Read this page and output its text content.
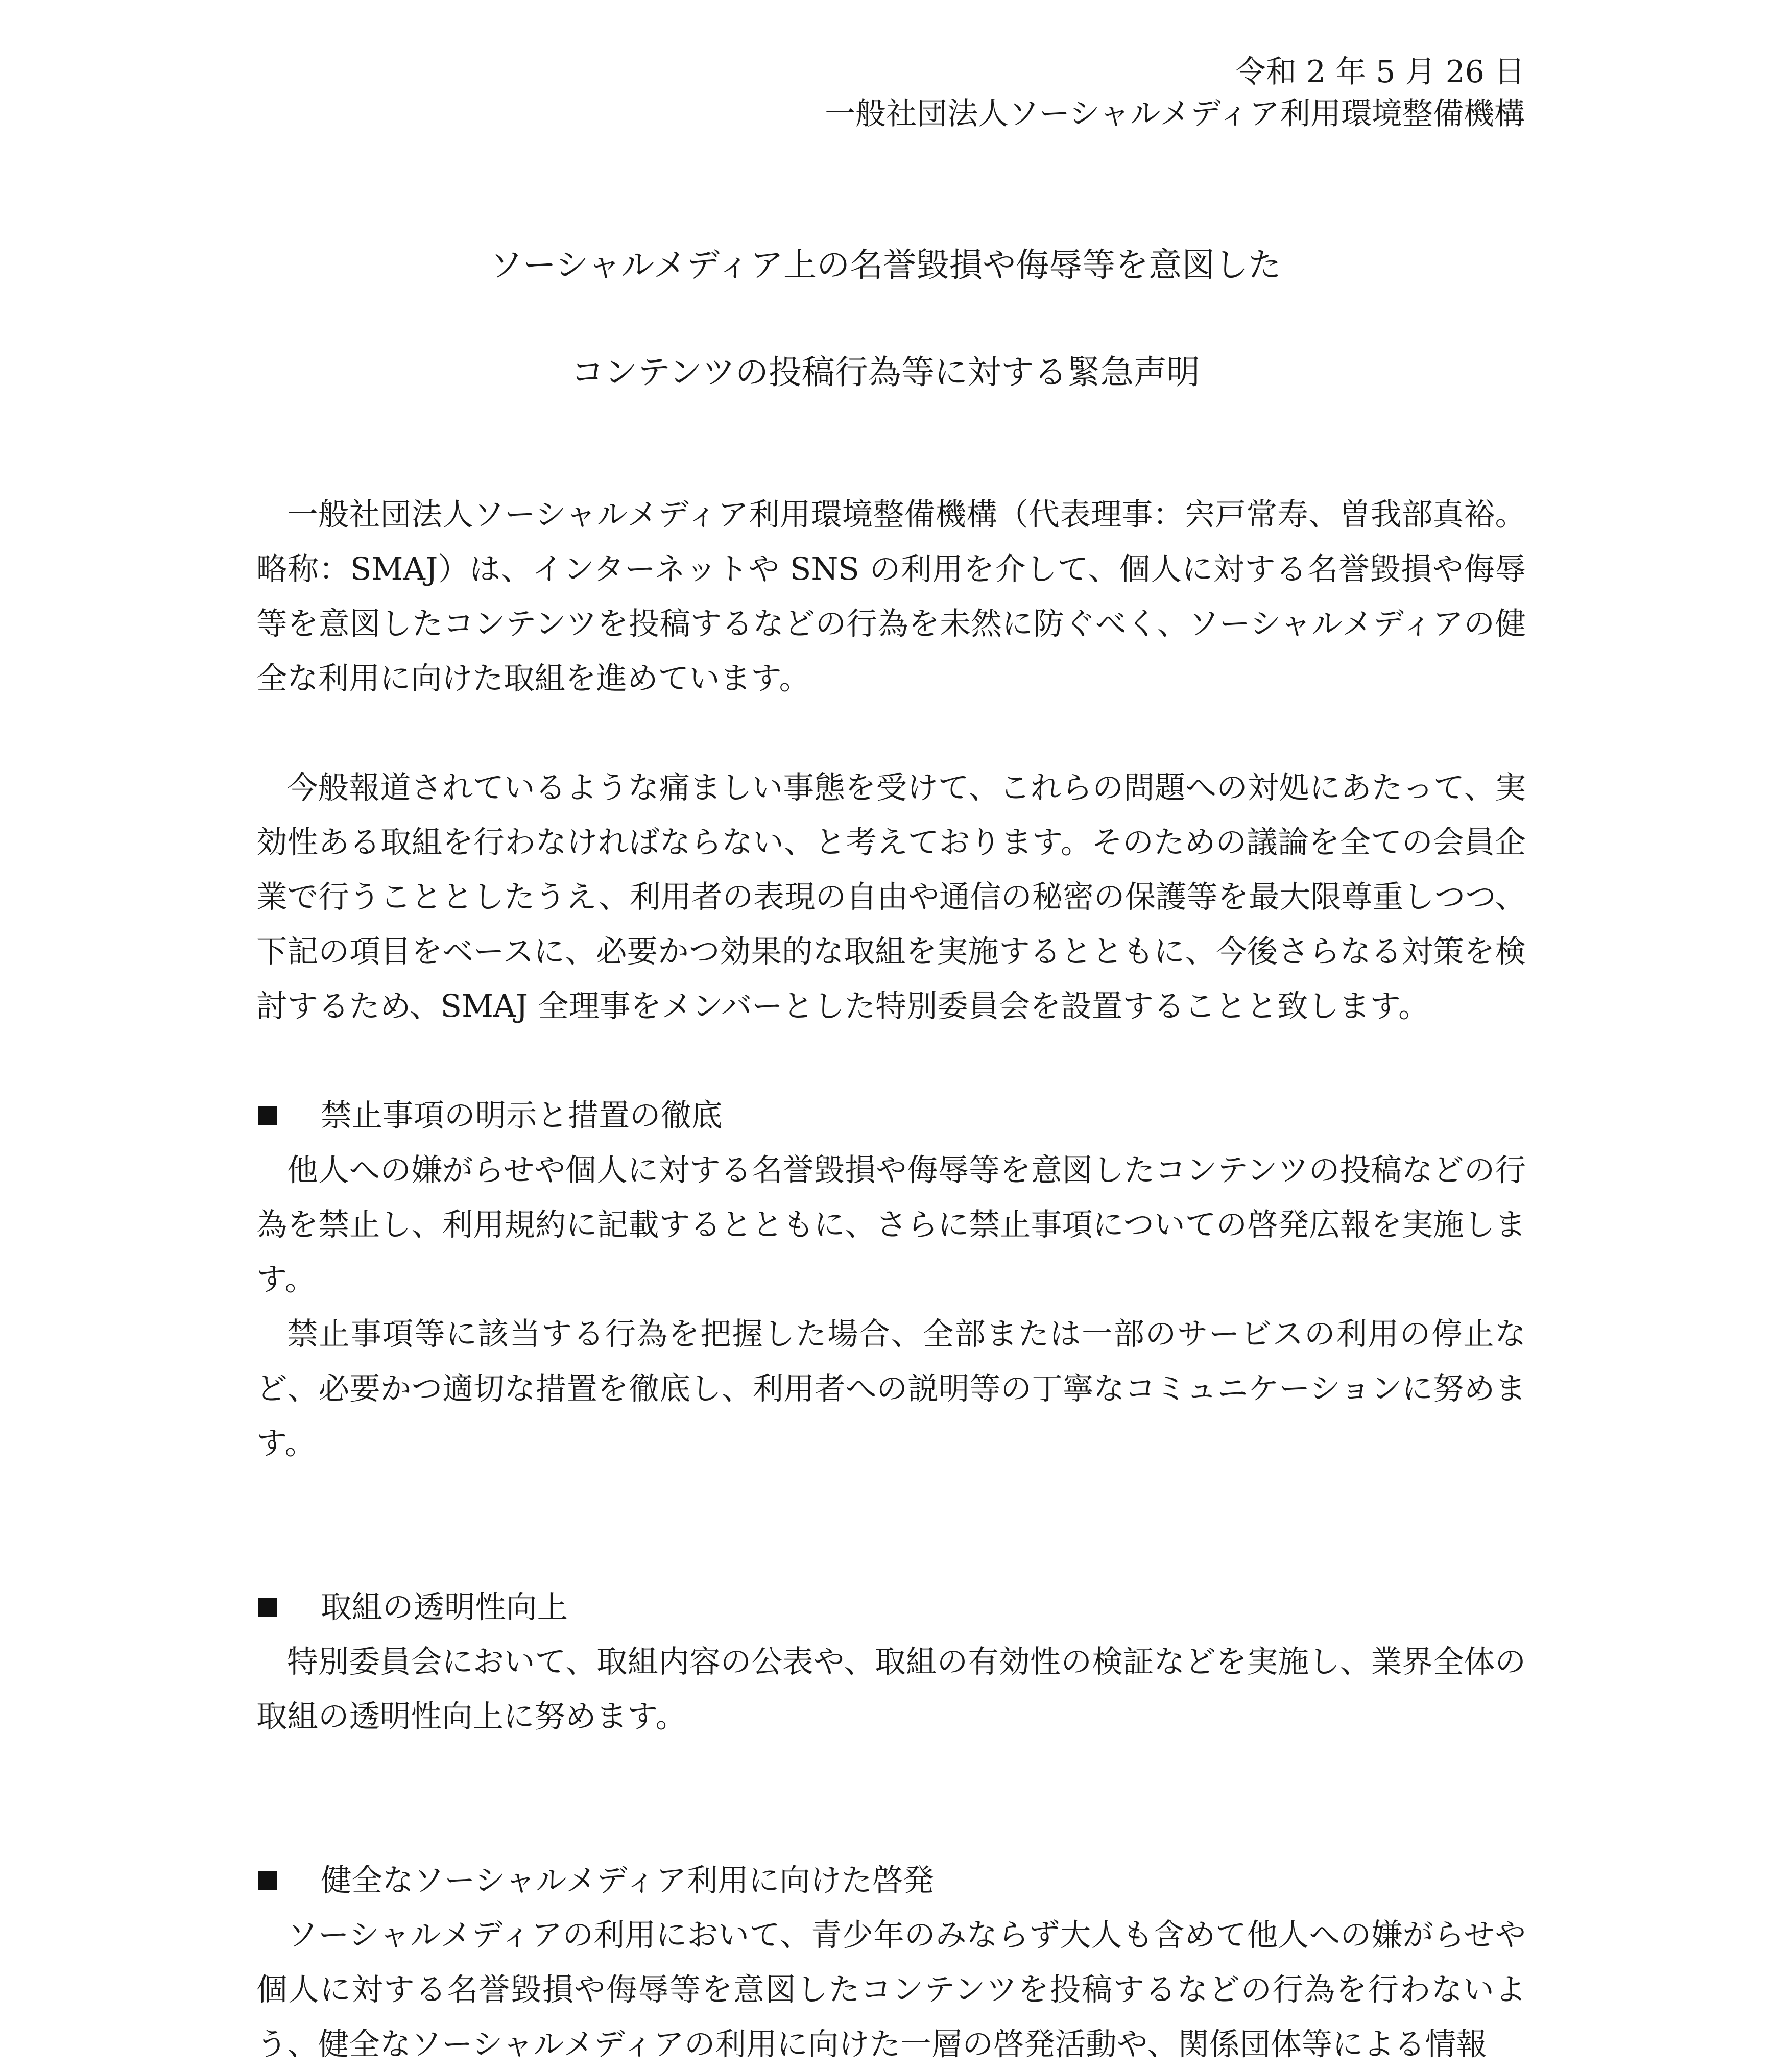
令和 2 年 5 月 26 日
一般社団法人ソーシャルメディア利用環境整備機構
ソーシャルメディア上の名誉毀損や侮辱等を意図した
コンテンツの投稿行為等に対する緊急声明

一般社団法人ソーシャルメディア利用環境整備機構（代表理事：宍戸常寿、曽我部真裕。略称：SMAJ）は、インターネットや SNS の利用を介して、個人に対する名誉毀損や侮辱等を意図したコンテンツを投稿するなどの行為を未然に防ぐべく、ソーシャルメディアの健全な利用に向けた取組を進めています。

今般報道されているような痛ましい事態を受けて、これらの問題への対処にあたって、実効性ある取組を行わなければならない、と考えております。そのための議論を全ての会員企業で行うこととしたうえ、利用者の表現の自由や通信の秘密の保護等を最大限尊重しつつ、下記の項目をベースに、必要かつ効果的な取組を実施するとともに、今後さらなる対策を検討するため、SMAJ 全理事をメンバーとした特別委員会を設置することと致します。

禁止事項の明示と措置の徹底

他人への嫌がらせや個人に対する名誉毀損や侮辱等を意図したコンテンツの投稿などの行為を禁止し、利用規約に記載するとともに、さらに禁止事項についての啓発広報を実施します。

禁止事項等に該当する行為を把握した場合、全部または一部のサービスの利用の停止など、必要かつ適切な措置を徹底し、利用者への説明等の丁寧なコミュニケーションに努めます。

取組の透明性向上

特別委員会において、取組内容の公表や、取組の有効性の検証などを実施し、業界全体の取組の透明性向上に努めます。

健全なソーシャルメディア利用に向けた啓発

ソーシャルメディアの利用において、青少年のみならず大人も含めて他人への嫌がらせや個人に対する名誉毀損や侮辱等を意図したコンテンツを投稿するなどの行為を行わないよう、健全なソーシャルメディアの利用に向けた一層の啓発活動や、関係団体等による情報
